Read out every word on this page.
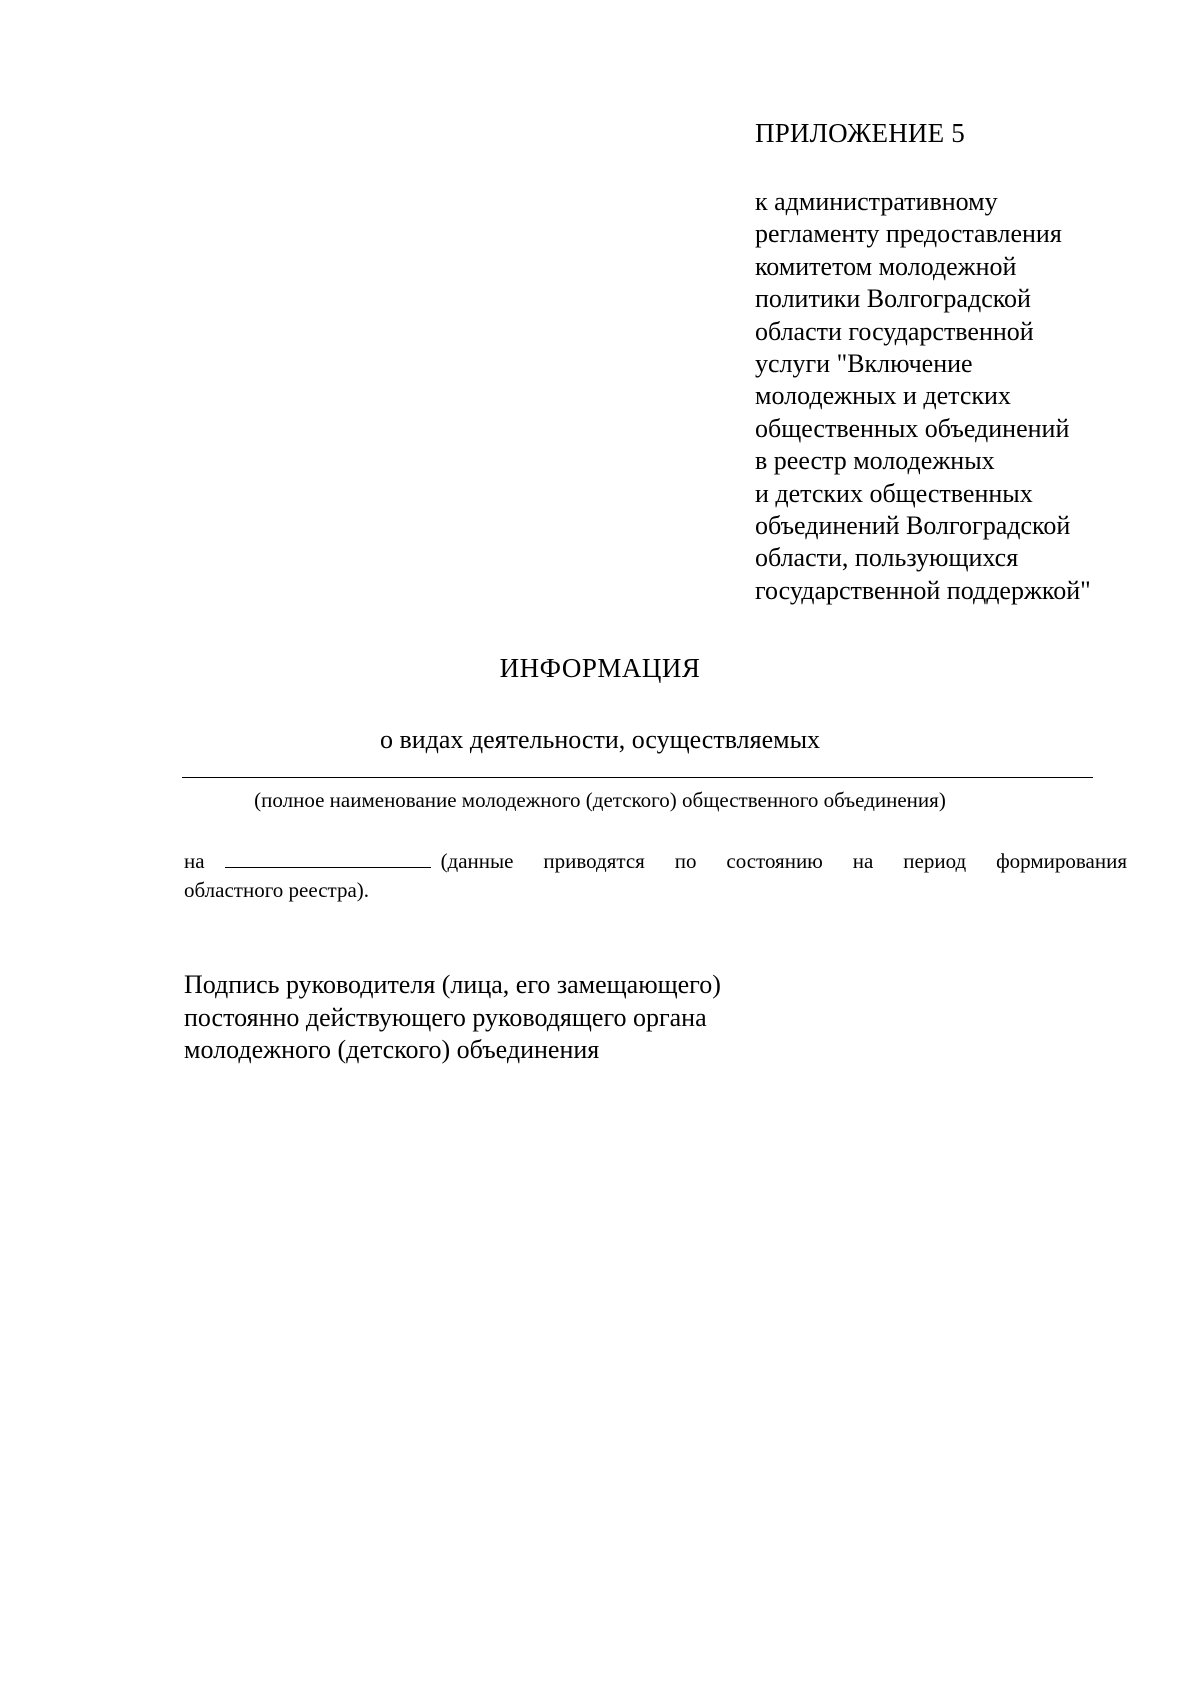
ПРИЛОЖЕНИЕ 5
к административному
регламенту предоставления
комитетом молодежной
политики Волгоградской
области государственной
услуги "Включение
молодежных и детских
общественных объединений
в реестр молодежных
и детских общественных
объединений Волгоградской
области, пользующихся
государственной поддержкой"
ИНФОРМАЦИЯ
о видах деятельности, осуществляемых
(полное наименование молодежного (детского) общественного объединения)
на	(данные приводятся по состоянию на период формирования
областного реестра).
Подпись руководителя (лица, его замещающего)
постоянно действующего руководящего органа
молодежного (детского) объединения
